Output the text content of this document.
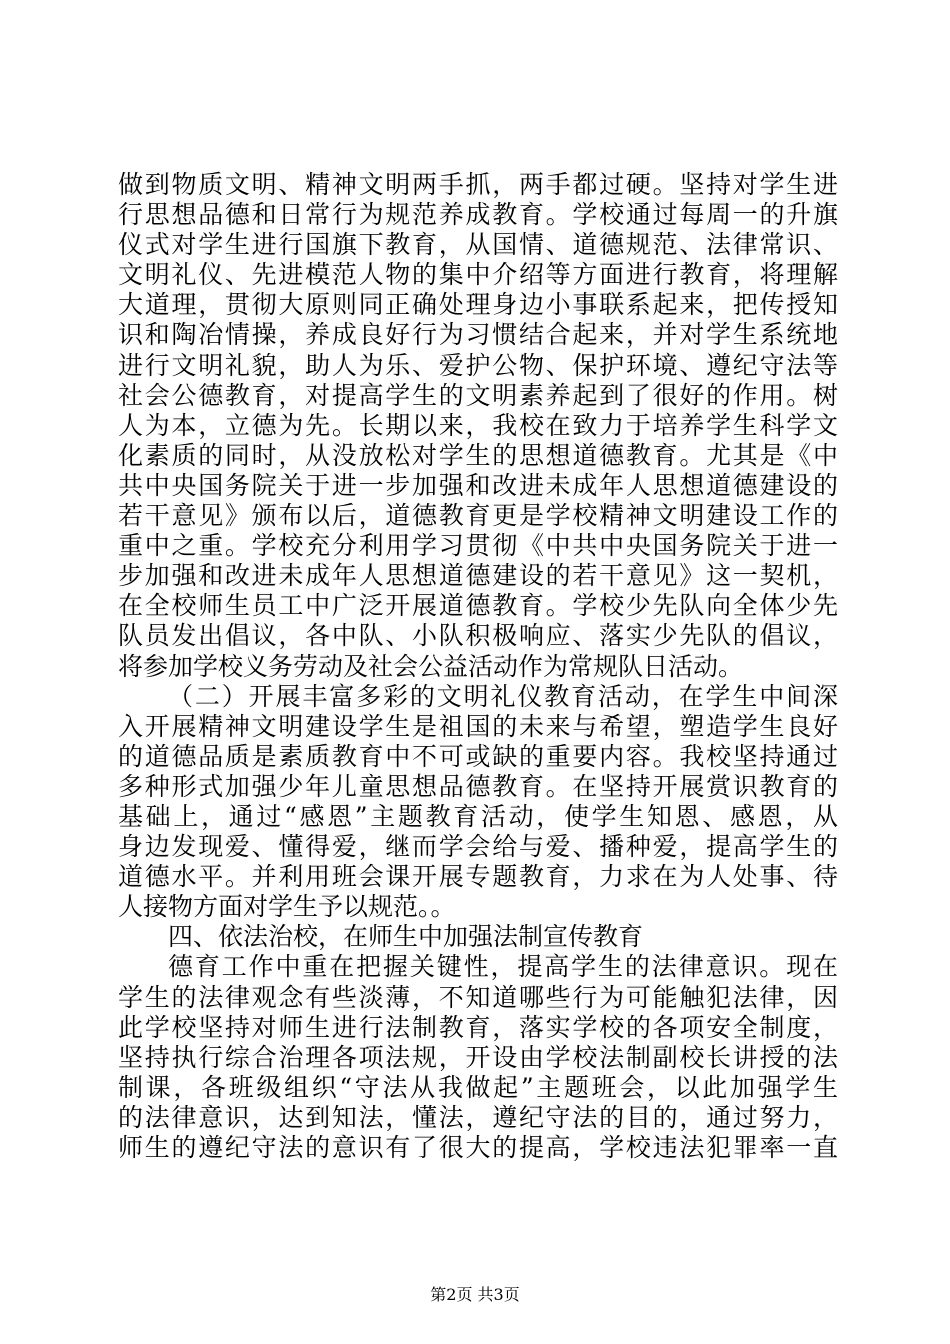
做到物质文明、精神文明两手抓，两手都过硬。坚持对学生进
行思想品德和日常行为规范养成教育。学校通过每周一的升旗
仪式对学生进行国旗下教育，从国情、道德规范、法律常识、
文明礼仪、先进模范人物的集中介绍等方面进行教育，将理解
大道理，贯彻大原则同正确处理身边小事联系起来，把传授知
识和陶冶情操，养成良好行为习惯结合起来，并对学生系统地
进行文明礼貌，助人为乐、爱护公物、保护环境、遵纪守法等
社会公德教育，对提高学生的文明素养起到了很好的作用。树
人为本，立德为先。长期以来，我校在致力于培养学生科学文
化素质的同时，从没放松对学生的思想道德教育。尤其是《中
共中央国务院关于进一步加强和改进未成年人思想道德建设的
若干意见》颁布以后，道德教育更是学校精神文明建设工作的
重中之重。学校充分利用学习贯彻《中共中央国务院关于进一
步加强和改进未成年人思想道德建设的若干意见》这一契机，
在全校师生员工中广泛开展道德教育。学校少先队向全体少先
队员发出倡议，各中队、小队积极响应、落实少先队的倡议，
将参加学校义务劳动及社会公益活动作为常规队日活动。
（二）开展丰富多彩的文明礼仪教育活动，在学生中间深
入开展精神文明建设学生是祖国的未来与希望，塑造学生良好
的道德品质是素质教育中不可或缺的重要内容。我校坚持通过
多种形式加强少年儿童思想品德教育。在坚持开展赏识教育的
基础上，通过“感恩”主题教育活动，使学生知恩、感恩，从
身边发现爱、懂得爱，继而学会给与爱、播种爱，提高学生的
道德水平。并利用班会课开展专题教育，力求在为人处事、待
人接物方面对学生予以规范。。
四、依法治校，在师生中加强法制宣传教育
德育工作中重在把握关键性，提高学生的法律意识。现在
学生的法律观念有些淡薄，不知道哪些行为可能触犯法律，因
此学校坚持对师生进行法制教育，落实学校的各项安全制度，
坚持执行综合治理各项法规，开设由学校法制副校长讲授的法
制课，各班级组织“守法从我做起”主题班会，以此加强学生
的法律意识，达到知法，懂法，遵纪守法的目的，通过努力，
师生的遵纪守法的意识有了很大的提高，学校违法犯罪率一直
第2页 共3页
